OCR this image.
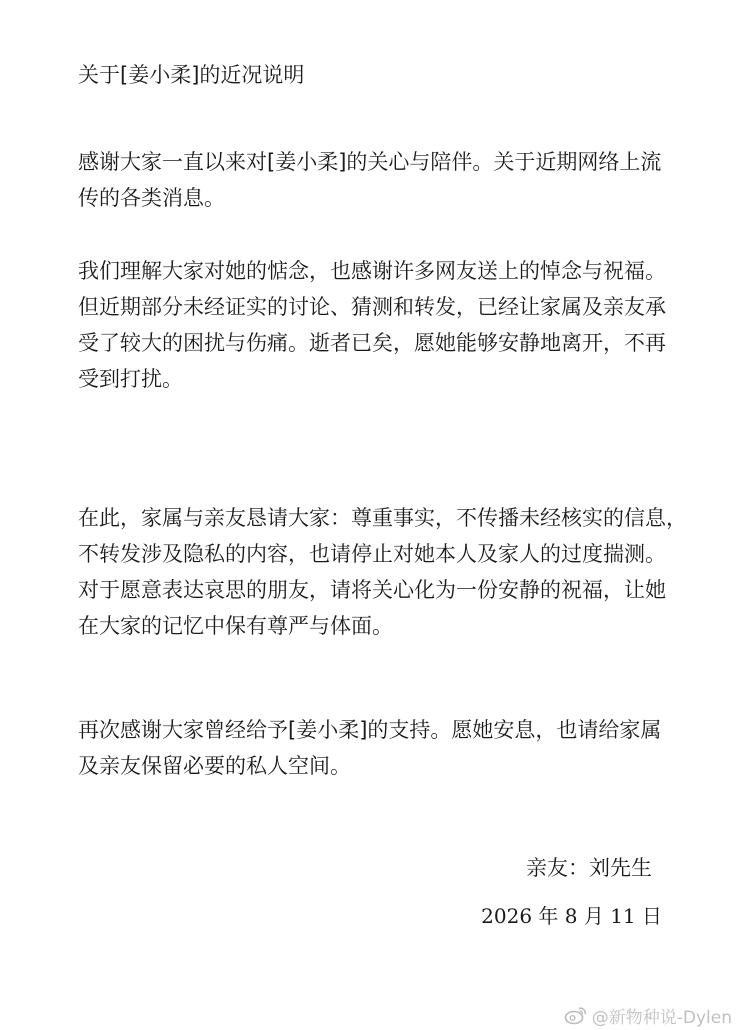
关于[姜小柔]的近况说明
感谢大家一直以来对[姜小柔]的关心与陪伴。关于近期网络上流
传的各类消息。
我们理解大家对她的惦念，也感谢许多网友送上的悼念与祝福。
但近期部分未经证实的讨论、猜测和转发，已经让家属及亲友承
受了较大的困扰与伤痛。逝者已矣，愿她能够安静地离开，不再
受到打扰。
在此，家属与亲友恳请大家：尊重事实，不传播未经核实的信息，
不转发涉及隐私的内容，也请停止对她本人及家人的过度揣测。
对于愿意表达哀思的朋友，请将关心化为一份安静的祝福，让她
在大家的记忆中保有尊严与体面。
再次感谢大家曾经给予[姜小柔]的支持。愿她安息，也请给家属
及亲友保留必要的私人空间。
亲友：刘先生
2026 年 8 月 11 日
@新物种说-Dylen
